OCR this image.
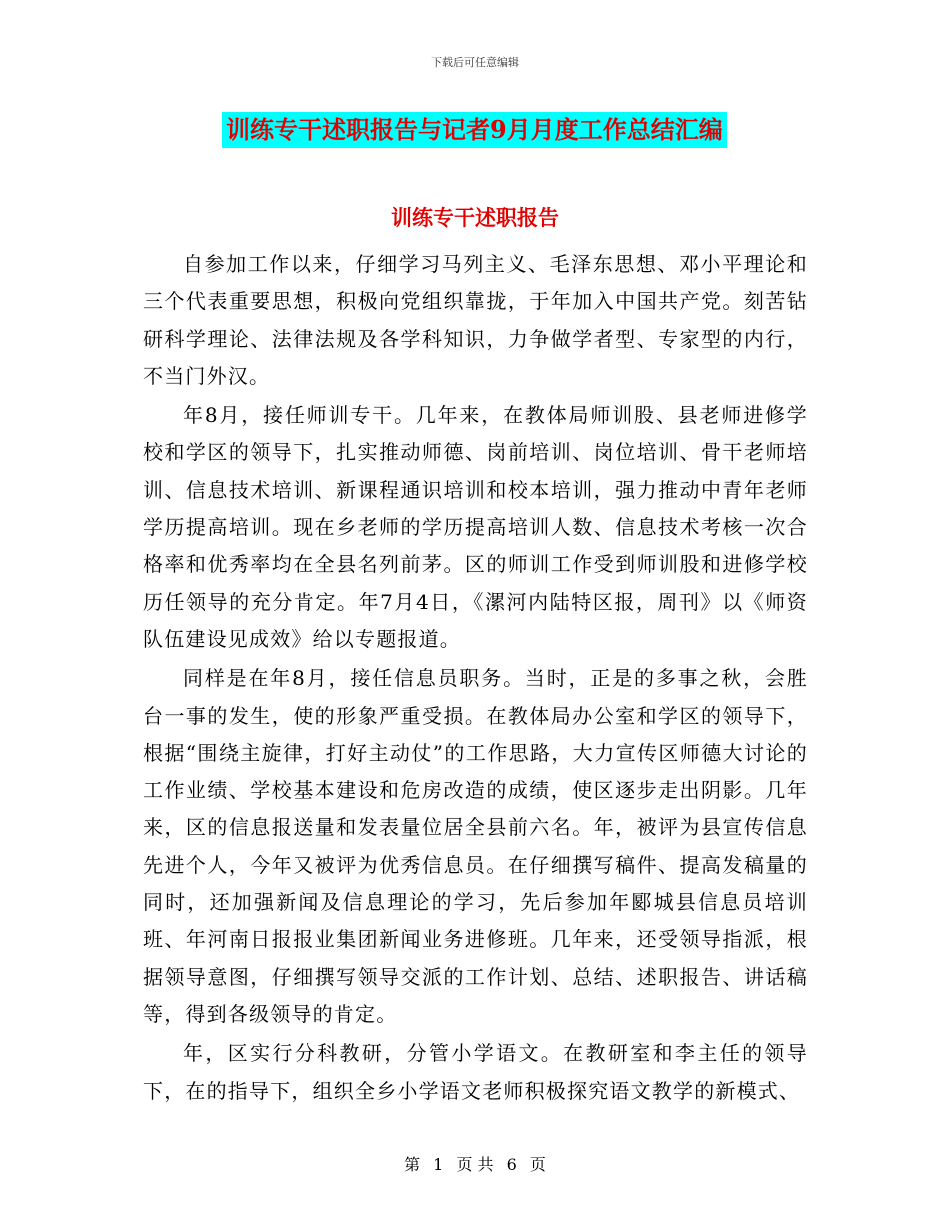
下载后可任意编辑
训练专干述职报告与记者9月月度工作总结汇编
训练专干述职报告

自参加工作以来，仔细学习马列主义、毛泽东思想、邓小平理论和三个代表重要思想，积极向党组织靠拢，于年加入中国共产党。刻苦钻研科学理论、法律法规及各学科知识，力争做学者型、专家型的内行，不当门外汉。

年8月，接任师训专干。几年来，在教体局师训股、县老师进修学校和学区的领导下，扎实推动师德、岗前培训、岗位培训、骨干老师培训、信息技术培训、新课程通识培训和校本培训，强力推动中青年老师学历提高培训。现在乡老师的学历提高培训人数、信息技术考核一次合格率和优秀率均在全县名列前茅。区的师训工作受到师训股和进修学校历任领导的充分肯定。年7月4日，《漯河内陆特区报，周刊》以《师资队伍建设见成效》给以专题报道。

同样是在年8月，接任信息员职务。当时，正是的多事之秋，会胜台一事的发生，使的形象严重受损。在教体局办公室和学区的领导下，根据“围绕主旋律，打好主动仗”的工作思路，大力宣传区师德大讨论的工作业绩、学校基本建设和危房改造的成绩，使区逐步走出阴影。几年来，区的信息报送量和发表量位居全县前六名。年，被评为县宣传信息先进个人，今年又被评为优秀信息员。在仔细撰写稿件、提高发稿量的同时，还加强新闻及信息理论的学习，先后参加年郾城县信息员培训班、年河南日报报业集团新闻业务进修班。几年来，还受领导指派，根据领导意图，仔细撰写领导交派的工作计划、总结、述职报告、讲话稿等，得到各级领导的肯定。

年，区实行分科教研，分管小学语文。在教研室和李主任的领导下，在的指导下，组织全乡小学语文老师积极探究语文教学的新模式、

第 1 页 共 6 页
